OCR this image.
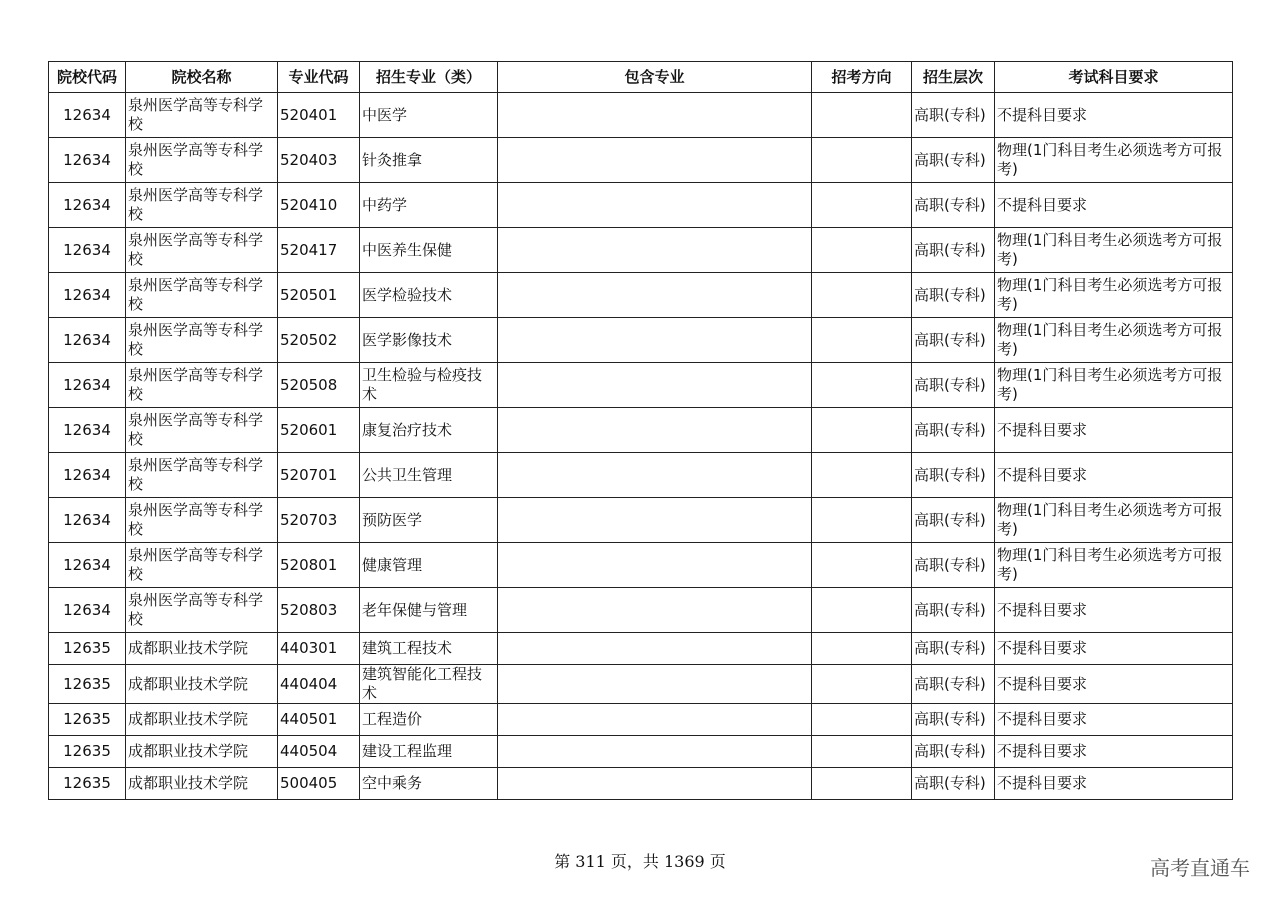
院校代码	院校名称	专业代码	招生专业（类）	包含专业	招考方向	招生层次	考试科目要求
12634	泉州医学高等专科学校	520401	中医学			高职(专科)	不提科目要求
12634	泉州医学高等专科学校	520403	针灸推拿			高职(专科)	物理(1门科目考生必须选考方可报考)
12634	泉州医学高等专科学校	520410	中药学			高职(专科)	不提科目要求
12634	泉州医学高等专科学校	520417	中医养生保健			高职(专科)	物理(1门科目考生必须选考方可报考)
12634	泉州医学高等专科学校	520501	医学检验技术			高职(专科)	物理(1门科目考生必须选考方可报考)
12634	泉州医学高等专科学校	520502	医学影像技术			高职(专科)	物理(1门科目考生必须选考方可报考)
12634	泉州医学高等专科学校	520508	卫生检验与检疫技术			高职(专科)	物理(1门科目考生必须选考方可报考)
12634	泉州医学高等专科学校	520601	康复治疗技术			高职(专科)	不提科目要求
12634	泉州医学高等专科学校	520701	公共卫生管理			高职(专科)	不提科目要求
12634	泉州医学高等专科学校	520703	预防医学			高职(专科)	物理(1门科目考生必须选考方可报考)
12634	泉州医学高等专科学校	520801	健康管理			高职(专科)	物理(1门科目考生必须选考方可报考)
12634	泉州医学高等专科学校	520803	老年保健与管理			高职(专科)	不提科目要求
12635	成都职业技术学院	440301	建筑工程技术			高职(专科)	不提科目要求
12635	成都职业技术学院	440404	建筑智能化工程技术			高职(专科)	不提科目要求
12635	成都职业技术学院	440501	工程造价			高职(专科)	不提科目要求
12635	成都职业技术学院	440504	建设工程监理			高职(专科)	不提科目要求
12635	成都职业技术学院	500405	空中乘务			高职(专科)	不提科目要求
第 311 页，共 1369 页	高考直通车
